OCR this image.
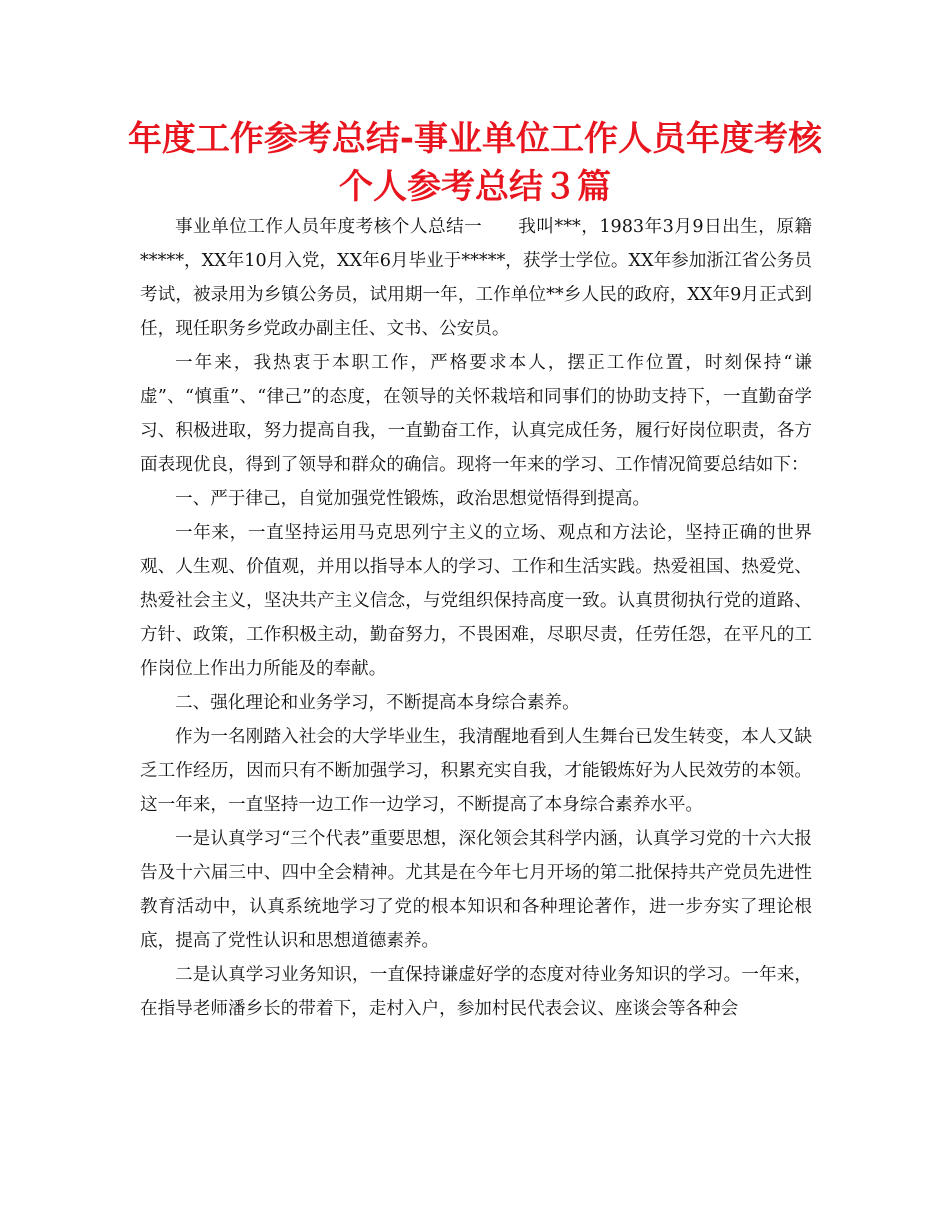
年度工作参考总结-事业单位工作人员年度考核个人参考总结３篇

事业单位工作人员年度考核个人总结一　　我叫***，1983年3月9日出生，原籍*****，XX年10月入党，XX年6月毕业于*****，获学士学位。XX年参加浙江省公务员考试，被录用为乡镇公务员，试用期一年，工作单位**乡人民的政府，XX年9月正式到任，现任职务乡党政办副主任、文书、公安员。

一年来，我热衷于本职工作，严格要求本人，摆正工作位置，时刻保持“谦虚”、“慎重”、“律己”的态度，在领导的关怀栽培和同事们的协助支持下，一直勤奋学习、积极进取，努力提高自我，一直勤奋工作，认真完成任务，履行好岗位职责，各方面表现优良，得到了领导和群众的确信。现将一年来的学习、工作情况简要总结如下：

一、严于律己，自觉加强党性锻炼，政治思想觉悟得到提高。

一年来，一直坚持运用马克思列宁主义的立场、观点和方法论，坚持正确的世界观、人生观、价值观，并用以指导本人的学习、工作和生活实践。热爱祖国、热爱党、热爱社会主义，坚决共产主义信念，与党组织保持高度一致。认真贯彻执行党的道路、方针、政策，工作积极主动，勤奋努力，不畏困难，尽职尽责，任劳任怨，在平凡的工作岗位上作出力所能及的奉献。

二、强化理论和业务学习，不断提高本身综合素养。

作为一名刚踏入社会的大学毕业生，我清醒地看到人生舞台已发生转变，本人又缺乏工作经历，因而只有不断加强学习，积累充实自我，才能锻炼好为人民效劳的本领。这一年来，一直坚持一边工作一边学习，不断提高了本身综合素养水平。

一是认真学习“三个代表”重要思想，深化领会其科学内涵，认真学习党的十六大报告及十六届三中、四中全会精神。尤其是在今年七月开场的第二批保持共产党员先进性教育活动中，认真系统地学习了党的根本知识和各种理论著作，进一步夯实了理论根底，提高了党性认识和思想道德素养。

二是认真学习业务知识，一直保持谦虚好学的态度对待业务知识的学习。一年来，在指导老师潘乡长的带着下，走村入户，参加村民代表会议、座谈会等各种会
